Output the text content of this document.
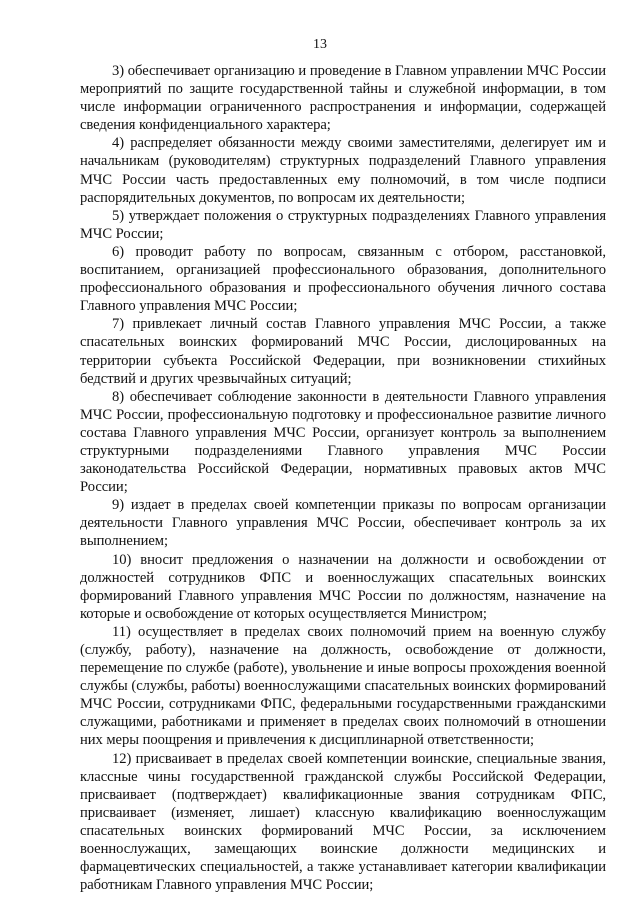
13

3) обеспечивает организацию и проведение в Главном управлении МЧС России мероприятий по защите государственной тайны и служебной информации, в том числе информации ограниченного распространения и информации, содержащей сведения конфиденциального характера;

4) распределяет обязанности между своими заместителями, делегирует им и начальникам (руководителям) структурных подразделений Главного управления МЧС России часть предоставленных ему полномочий, в том числе подписи распорядительных документов, по вопросам их деятельности;

5) утверждает положения о структурных подразделениях Главного управления МЧС России;

6) проводит работу по вопросам, связанным с отбором, расстановкой, воспитанием, организацией профессионального образования, дополнительного профессионального образования и профессионального обучения личного состава Главного управления МЧС России;

7) привлекает личный состав Главного управления МЧС России, а также спасательных воинских формирований МЧС России, дислоцированных на территории субъекта Российской Федерации, при возникновении стихийных бедствий и других чрезвычайных ситуаций;

8) обеспечивает соблюдение законности в деятельности Главного управления МЧС России, профессиональную подготовку и профессиональное развитие личного состава Главного управления МЧС России, организует контроль за выполнением структурными подразделениями Главного управления МЧС России законодательства Российской Федерации, нормативных правовых актов МЧС России;

9) издает в пределах своей компетенции приказы по вопросам организации деятельности Главного управления МЧС России, обеспечивает контроль за их выполнением;

10) вносит предложения о назначении на должности и освобождении от должностей сотрудников ФПС и военнослужащих спасательных воинских формирований Главного управления МЧС России по должностям, назначение на которые и освобождение от которых осуществляется Министром;

11) осуществляет в пределах своих полномочий прием на военную службу (службу, работу), назначение на должность, освобождение от должности, перемещение по службе (работе), увольнение и иные вопросы прохождения военной службы (службы, работы) военнослужащими спасательных воинских формирований МЧС России, сотрудниками ФПС, федеральными государственными гражданскими служащими, работниками и применяет в пределах своих полномочий в отношении них меры поощрения и привлечения к дисциплинарной ответственности;

12) присваивает в пределах своей компетенции воинские, специальные звания, классные чины государственной гражданской службы Российской Федерации, присваивает (подтверждает) квалификационные звания сотрудникам ФПС, присваивает (изменяет, лишает) классную квалификацию военнослужащим спасательных воинских формирований МЧС России, за исключением военнослужащих, замещающих воинские должности медицинских и фармацевтических специальностей, а также устанавливает категории квалификации работникам Главного управления МЧС России;
